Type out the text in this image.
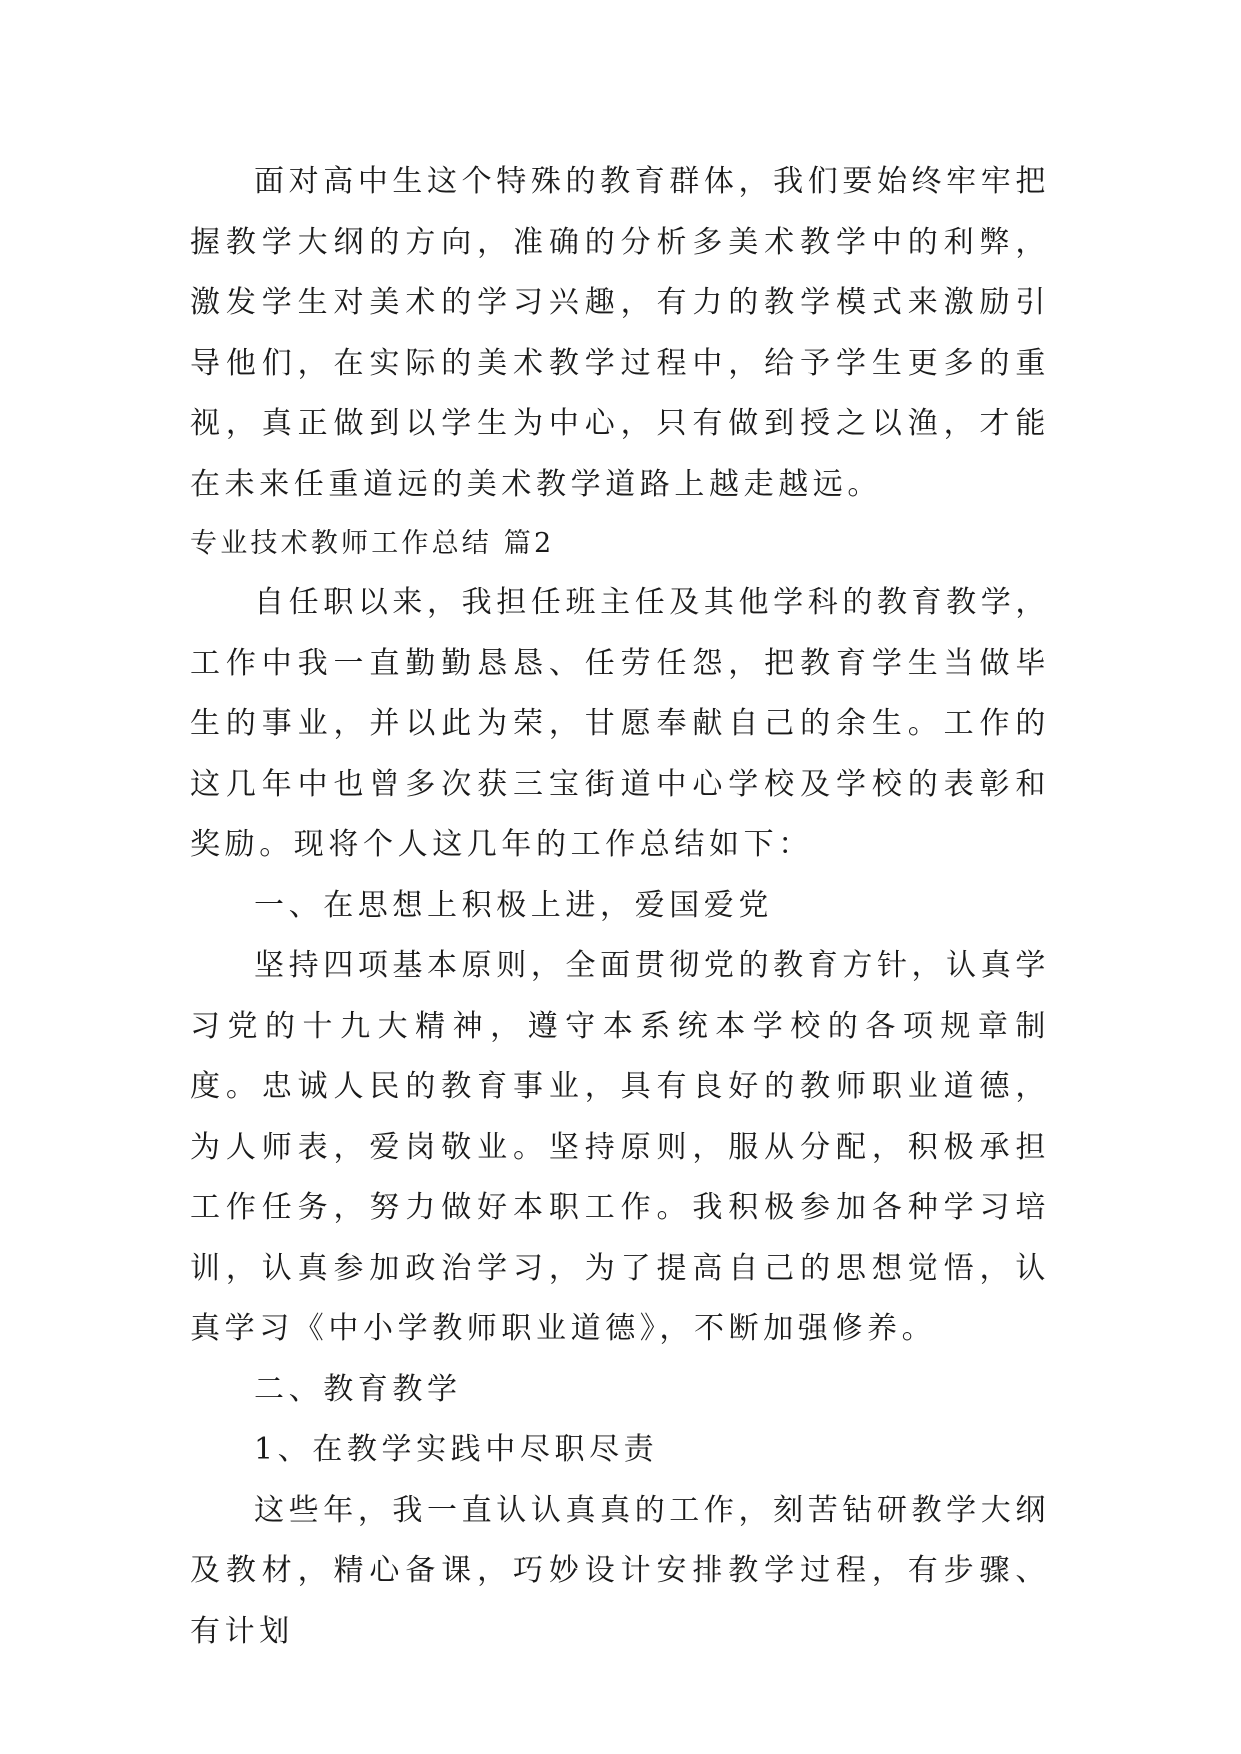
面对高中生这个特殊的教育群体，我们要始终牢牢把握教学大纲的方向，准确的分析多美术教学中的利弊，激发学生对美术的学习兴趣，有力的教学模式来激励引导他们，在实际的美术教学过程中，给予学生更多的重视，真正做到以学生为中心，只有做到授之以渔，才能在未来任重道远的美术教学道路上越走越远。

专业技术教师工作总结 篇2

自任职以来，我担任班主任及其他学科的教育教学，工作中我一直勤勤恳恳、任劳任怨，把教育学生当做毕生的事业，并以此为荣，甘愿奉献自己的余生。工作的这几年中也曾多次获三宝街道中心学校及学校的表彰和奖励。现将个人这几年的工作总结如下：

一、在思想上积极上进，爱国爱党

坚持四项基本原则，全面贯彻党的教育方针，认真学习党的十九大精神，遵守本系统本学校的各项规章制度。忠诚人民的教育事业，具有良好的教师职业道德，为人师表，爱岗敬业。坚持原则，服从分配，积极承担工作任务，努力做好本职工作。我积极参加各种学习培训，认真参加政治学习，为了提高自己的思想觉悟，认真学习《中小学教师职业道德》，不断加强修养。

二、教育教学

1、在教学实践中尽职尽责

这些年，我一直认认真真的工作，刻苦钻研教学大纲及教材，精心备课，巧妙设计安排教学过程，有步骤、有计划
